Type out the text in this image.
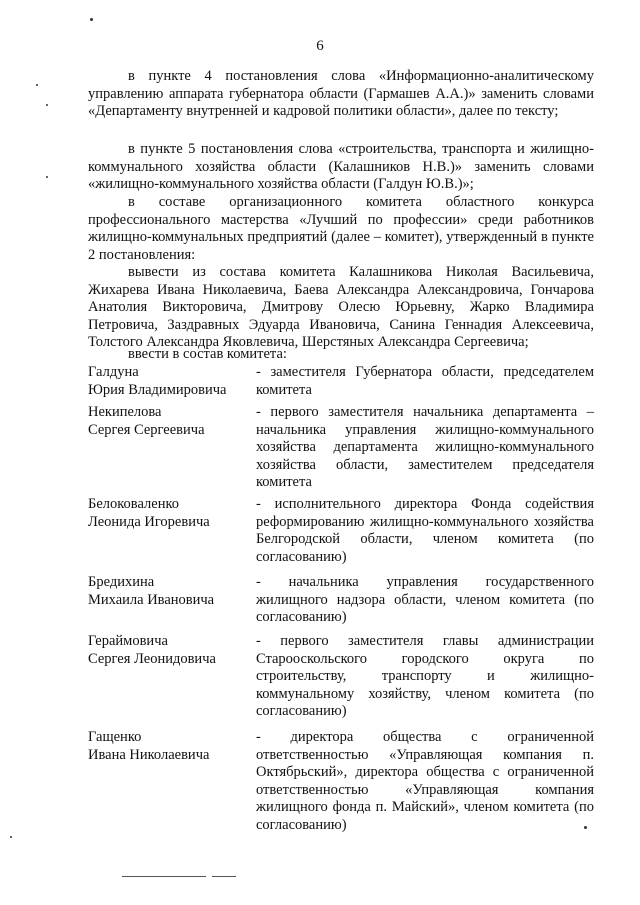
6

в пункте 4 постановления слова «Информационно-аналитическому управлению аппарата губернатора области (Гармашев А.А.)» заменить словами «Департаменту внутренней и кадровой политики области», далее по тексту;

в пункте 5 постановления слова «строительства, транспорта и жилищно-коммунального хозяйства области (Калашников Н.В.)» заменить словами «жилищно-коммунального хозяйства области (Галдун Ю.В.)»;

в составе организационного комитета областного конкурса профессионального мастерства «Лучший по профессии» среди работников жилищно-коммунальных предприятий (далее – комитет), утвержденный в пункте 2 постановления:

вывести из состава комитета Калашникова Николая Васильевича, Жихарева Ивана Николаевича, Баева Александра Александровича, Гончарова Анатолия Викторовича, Дмитрову Олесю Юрьевну, Жарко Владимира Петровича, Заздравных Эдуарда Ивановича, Санина Геннадия Алексеевича, Толстого Александра Яковлевича, Шерстяных Александра Сергеевича;

ввести в состав комитета:

Галдуна
Юрия Владимировича
- заместителя Губернатора области, председателем комитета
Некипелова
Сергея Сергеевича
- первого заместителя начальника департамента – начальника управления жилищно-коммунального хозяйства департамента жилищно-коммунального хозяйства области, заместителем председателя комитета
Белоковаленко
Леонида Игоревича
- исполнительного директора Фонда содействия реформированию жилищно-коммунального хозяйства Белгородской области, членом комитета (по согласованию)
Бредихина
Михаила Ивановича
- начальника управления государственного жилищного надзора области, членом комитета (по согласованию)
Гераймовича
Сергея Леонидовича
- первого заместителя главы администрации Старооскольского городского округа по строительству, транспорту и жилищно-коммунальному хозяйству, членом комитета (по согласованию)
Гащенко
Ивана Николаевича
- директора общества с ограниченной ответственностью «Управляющая компания п. Октябрьский», директора общества с ограниченной ответственностью «Управляющая компания жилищного фонда п. Майский», членом комитета (по согласованию)
